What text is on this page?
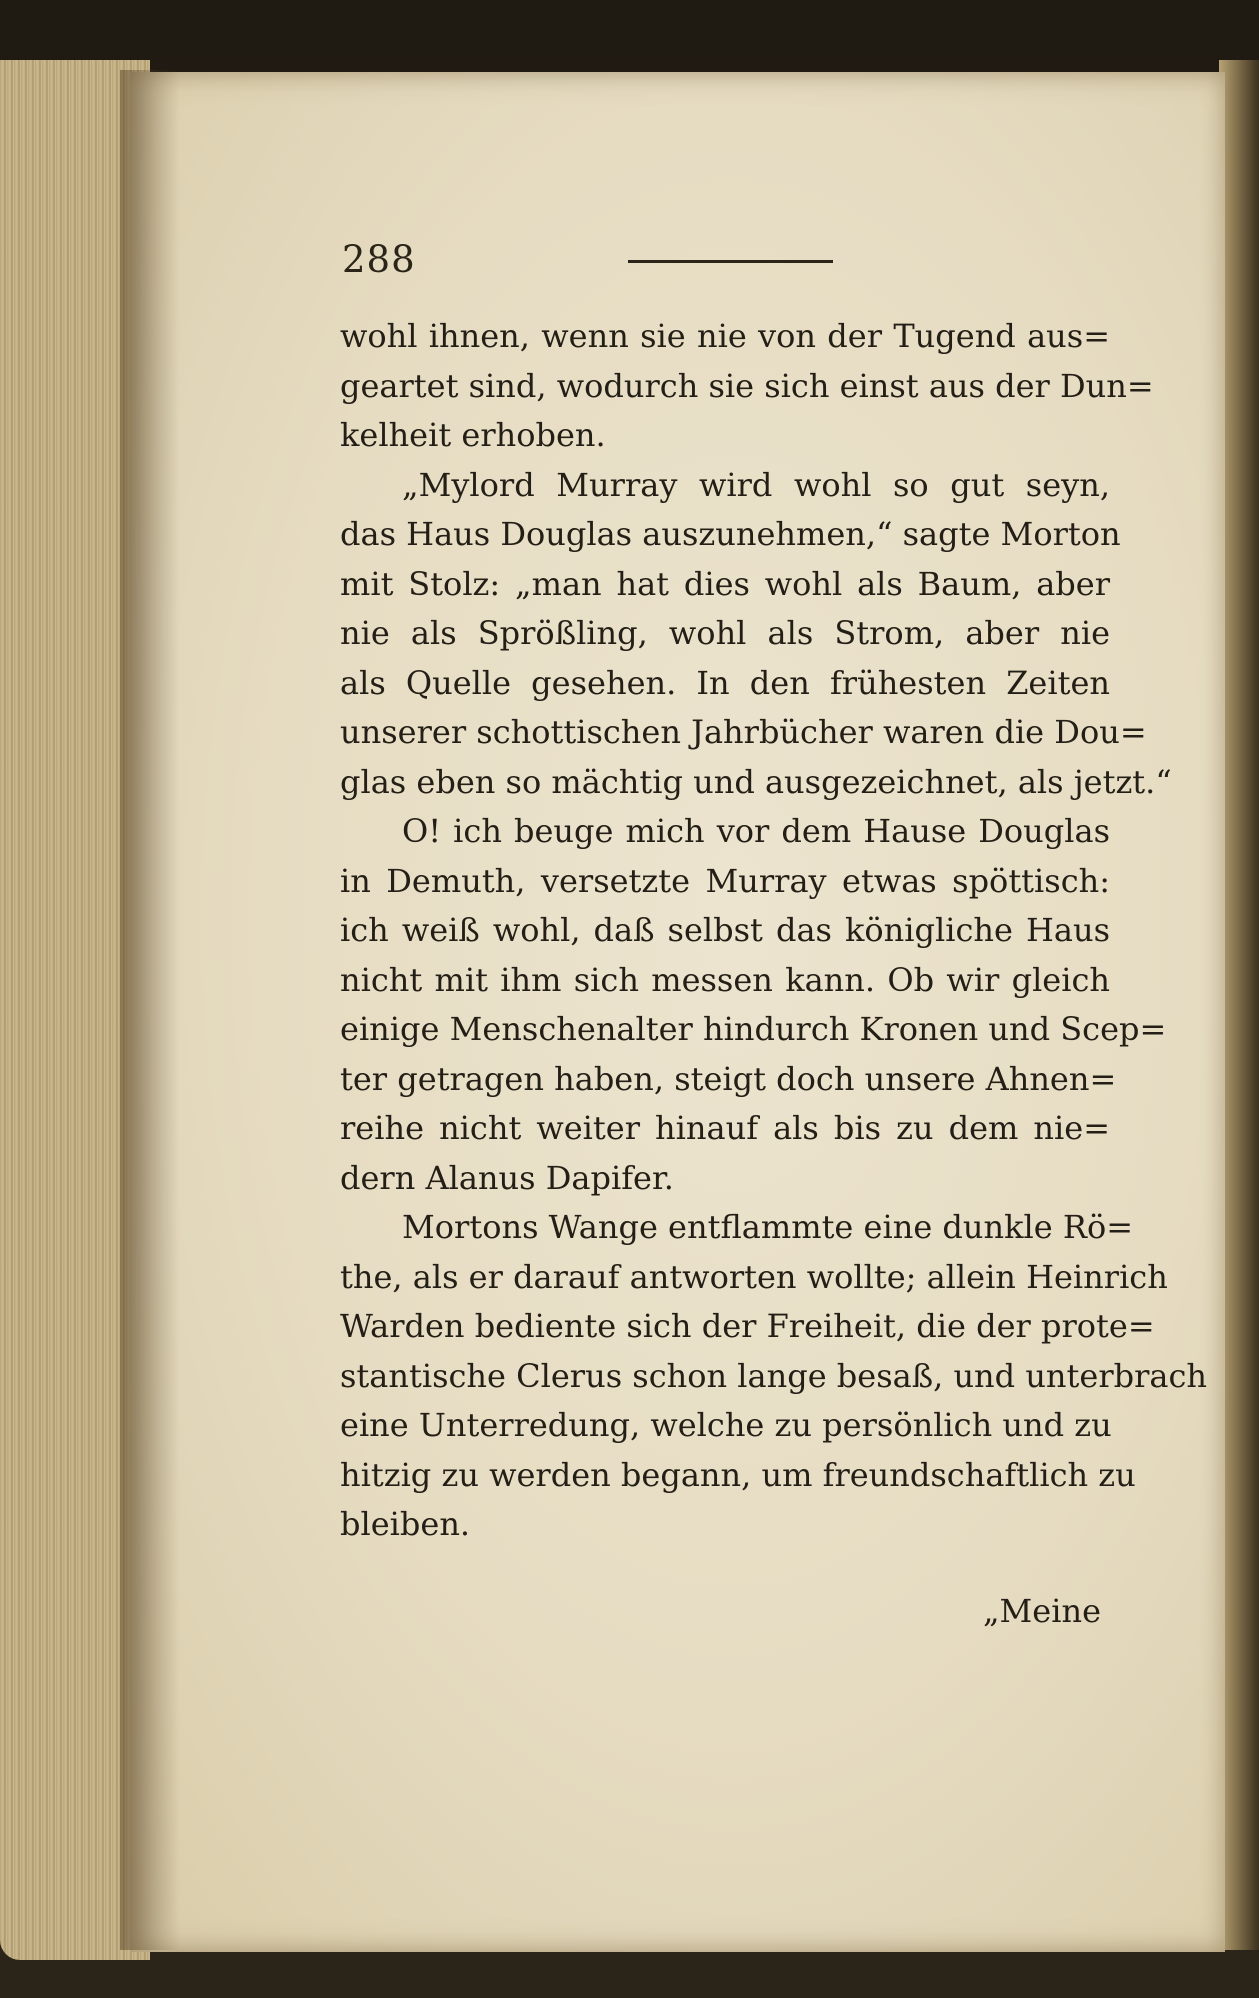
288
wohl ihnen, wenn sie nie von der Tugend aus=
geartet sind, wodurch sie sich einst aus der Dun=
kelheit erhoben.
„Mylord Murray wird wohl so gut seyn,
das Haus Douglas auszunehmen,“ sagte Morton
mit Stolz: „man hat dies wohl als Baum, aber
nie als Sprößling, wohl als Strom, aber nie
als Quelle gesehen. In den frühesten Zeiten
unserer schottischen Jahrbücher waren die Dou=
glas eben so mächtig und ausgezeichnet, als jetzt.“
O! ich beuge mich vor dem Hause Douglas
in Demuth, versetzte Murray etwas spöttisch:
ich weiß wohl, daß selbst das königliche Haus
nicht mit ihm sich messen kann. Ob wir gleich
einige Menschenalter hindurch Kronen und Scep=
ter getragen haben, steigt doch unsere Ahnen=
reihe nicht weiter hinauf als bis zu dem nie=
dern Alanus Dapifer.
Mortons Wange entflammte eine dunkle Rö=
the, als er darauf antworten wollte; allein Heinrich
Warden bediente sich der Freiheit, die der prote=
stantische Clerus schon lange besaß, und unterbrach
eine Unterredung, welche zu persönlich und zu
hitzig zu werden begann, um freundschaftlich zu
bleiben.
„Meine
